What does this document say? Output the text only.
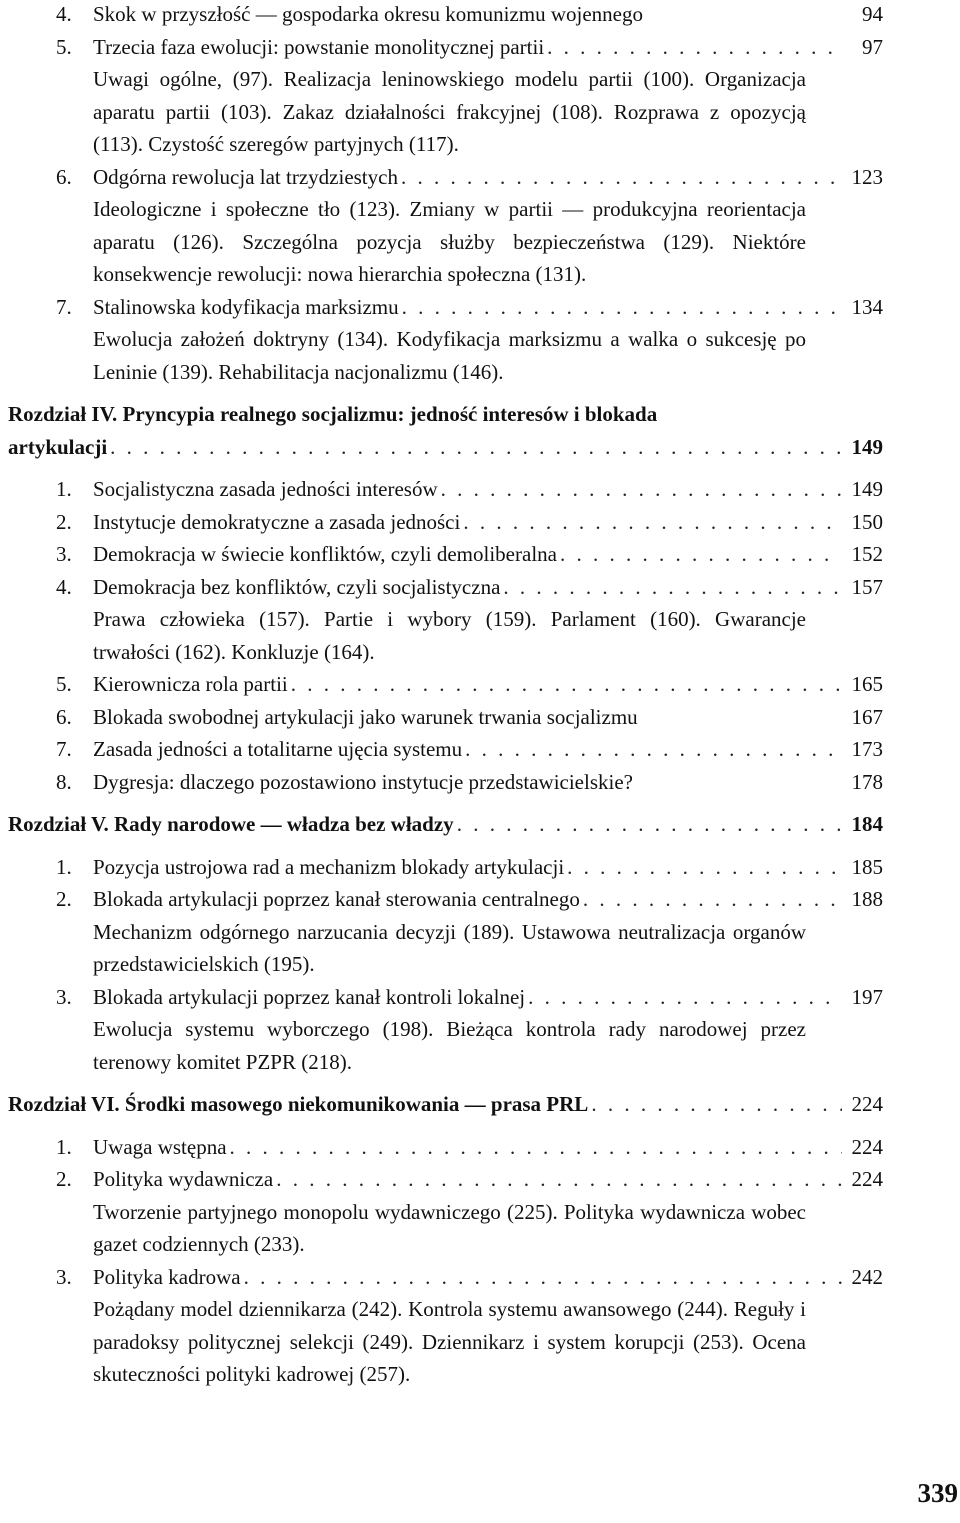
4.	Skok w przyszłość — gospodarka okresu komunizmu wojennego	94
5.	Trzecia faza ewolucji: powstanie monolitycznej partii . . .	97
Uwagi ogólne, (97). Realizacja leninowskiego modelu partii (100). Organizacja aparatu partii (103). Zakaz działalności frakcyjnej (108). Rozprawa z opozycją (113). Czystość szeregów partyjnych (117).
6.	Odgórna rewolucja lat trzydziestych . . .	123
Ideologiczne i społeczne tło (123). Zmiany w partii — produkcyjna reorientacja aparatu (126). Szczególna pozycja służby bezpieczeństwa (129). Niektóre konsekwencje rewolucji: nowa hierarchia społeczna (131).
7.	Stalinowska kodyfikacja marksizmu . . .	134
Ewolucja założeń doktryny (134). Kodyfikacja marksizmu a walka o sukcesję po Leninie (139). Rehabilitacja nacjonalizmu (146).
Rozdział IV. Pryncypia realnego socjalizmu: jedność interesów i blokada
artykulacji . . .	149
1.	Socjalistyczna zasada jedności interesów . . .	149
2.	Instytucje demokratyczne a zasada jedności . . .	150
3.	Demokracja w świecie konfliktów, czyli demoliberalna . . .	152
4.	Demokracja bez konfliktów, czyli socjalistyczna . . .	157
Prawa człowieka (157). Partie i wybory (159). Parlament (160). Gwarancje trwałości (162). Konkluzje (164).
5.	Kierownicza rola partii . . .	165
6.	Blokada swobodnej artykulacji jako warunek trwania socjalizmu	167
7.	Zasada jedności a totalitarne ujęcia systemu . . .	173
8.	Dygresja: dlaczego pozostawiono instytucje przedstawicielskie?	178
Rozdział V. Rady narodowe — władza bez władzy . . .	184
1.	Pozycja ustrojowa rad a mechanizm blokady artykulacji . . .	185
2.	Blokada artykulacji poprzez kanał sterowania centralnego . . .	188
Mechanizm odgórnego narzucania decyzji (189). Ustawowa neutralizacja organów przedstawicielskich (195).
3.	Blokada artykulacji poprzez kanał kontroli lokalnej . . .	197
Ewolucja systemu wyborczego (198). Bieżąca kontrola rady narodowej przez terenowy komitet PZPR (218).
Rozdział VI. Środki masowego niekomunikowania — prasa PRL . . .	224
1.	Uwaga wstępna . . .	224
2.	Polityka wydawnicza . . .	224
Tworzenie partyjnego monopolu wydawniczego (225). Polityka wydawnicza wobec gazet codziennych (233).
3.	Polityka kadrowa . . .	242
Pożądany model dziennikarza (242). Kontrola systemu awansowego (244). Reguły i paradoksy politycznej selekcji (249). Dziennikarz i system korupcji (253). Ocena skuteczności polityki kadrowej (257).
339
